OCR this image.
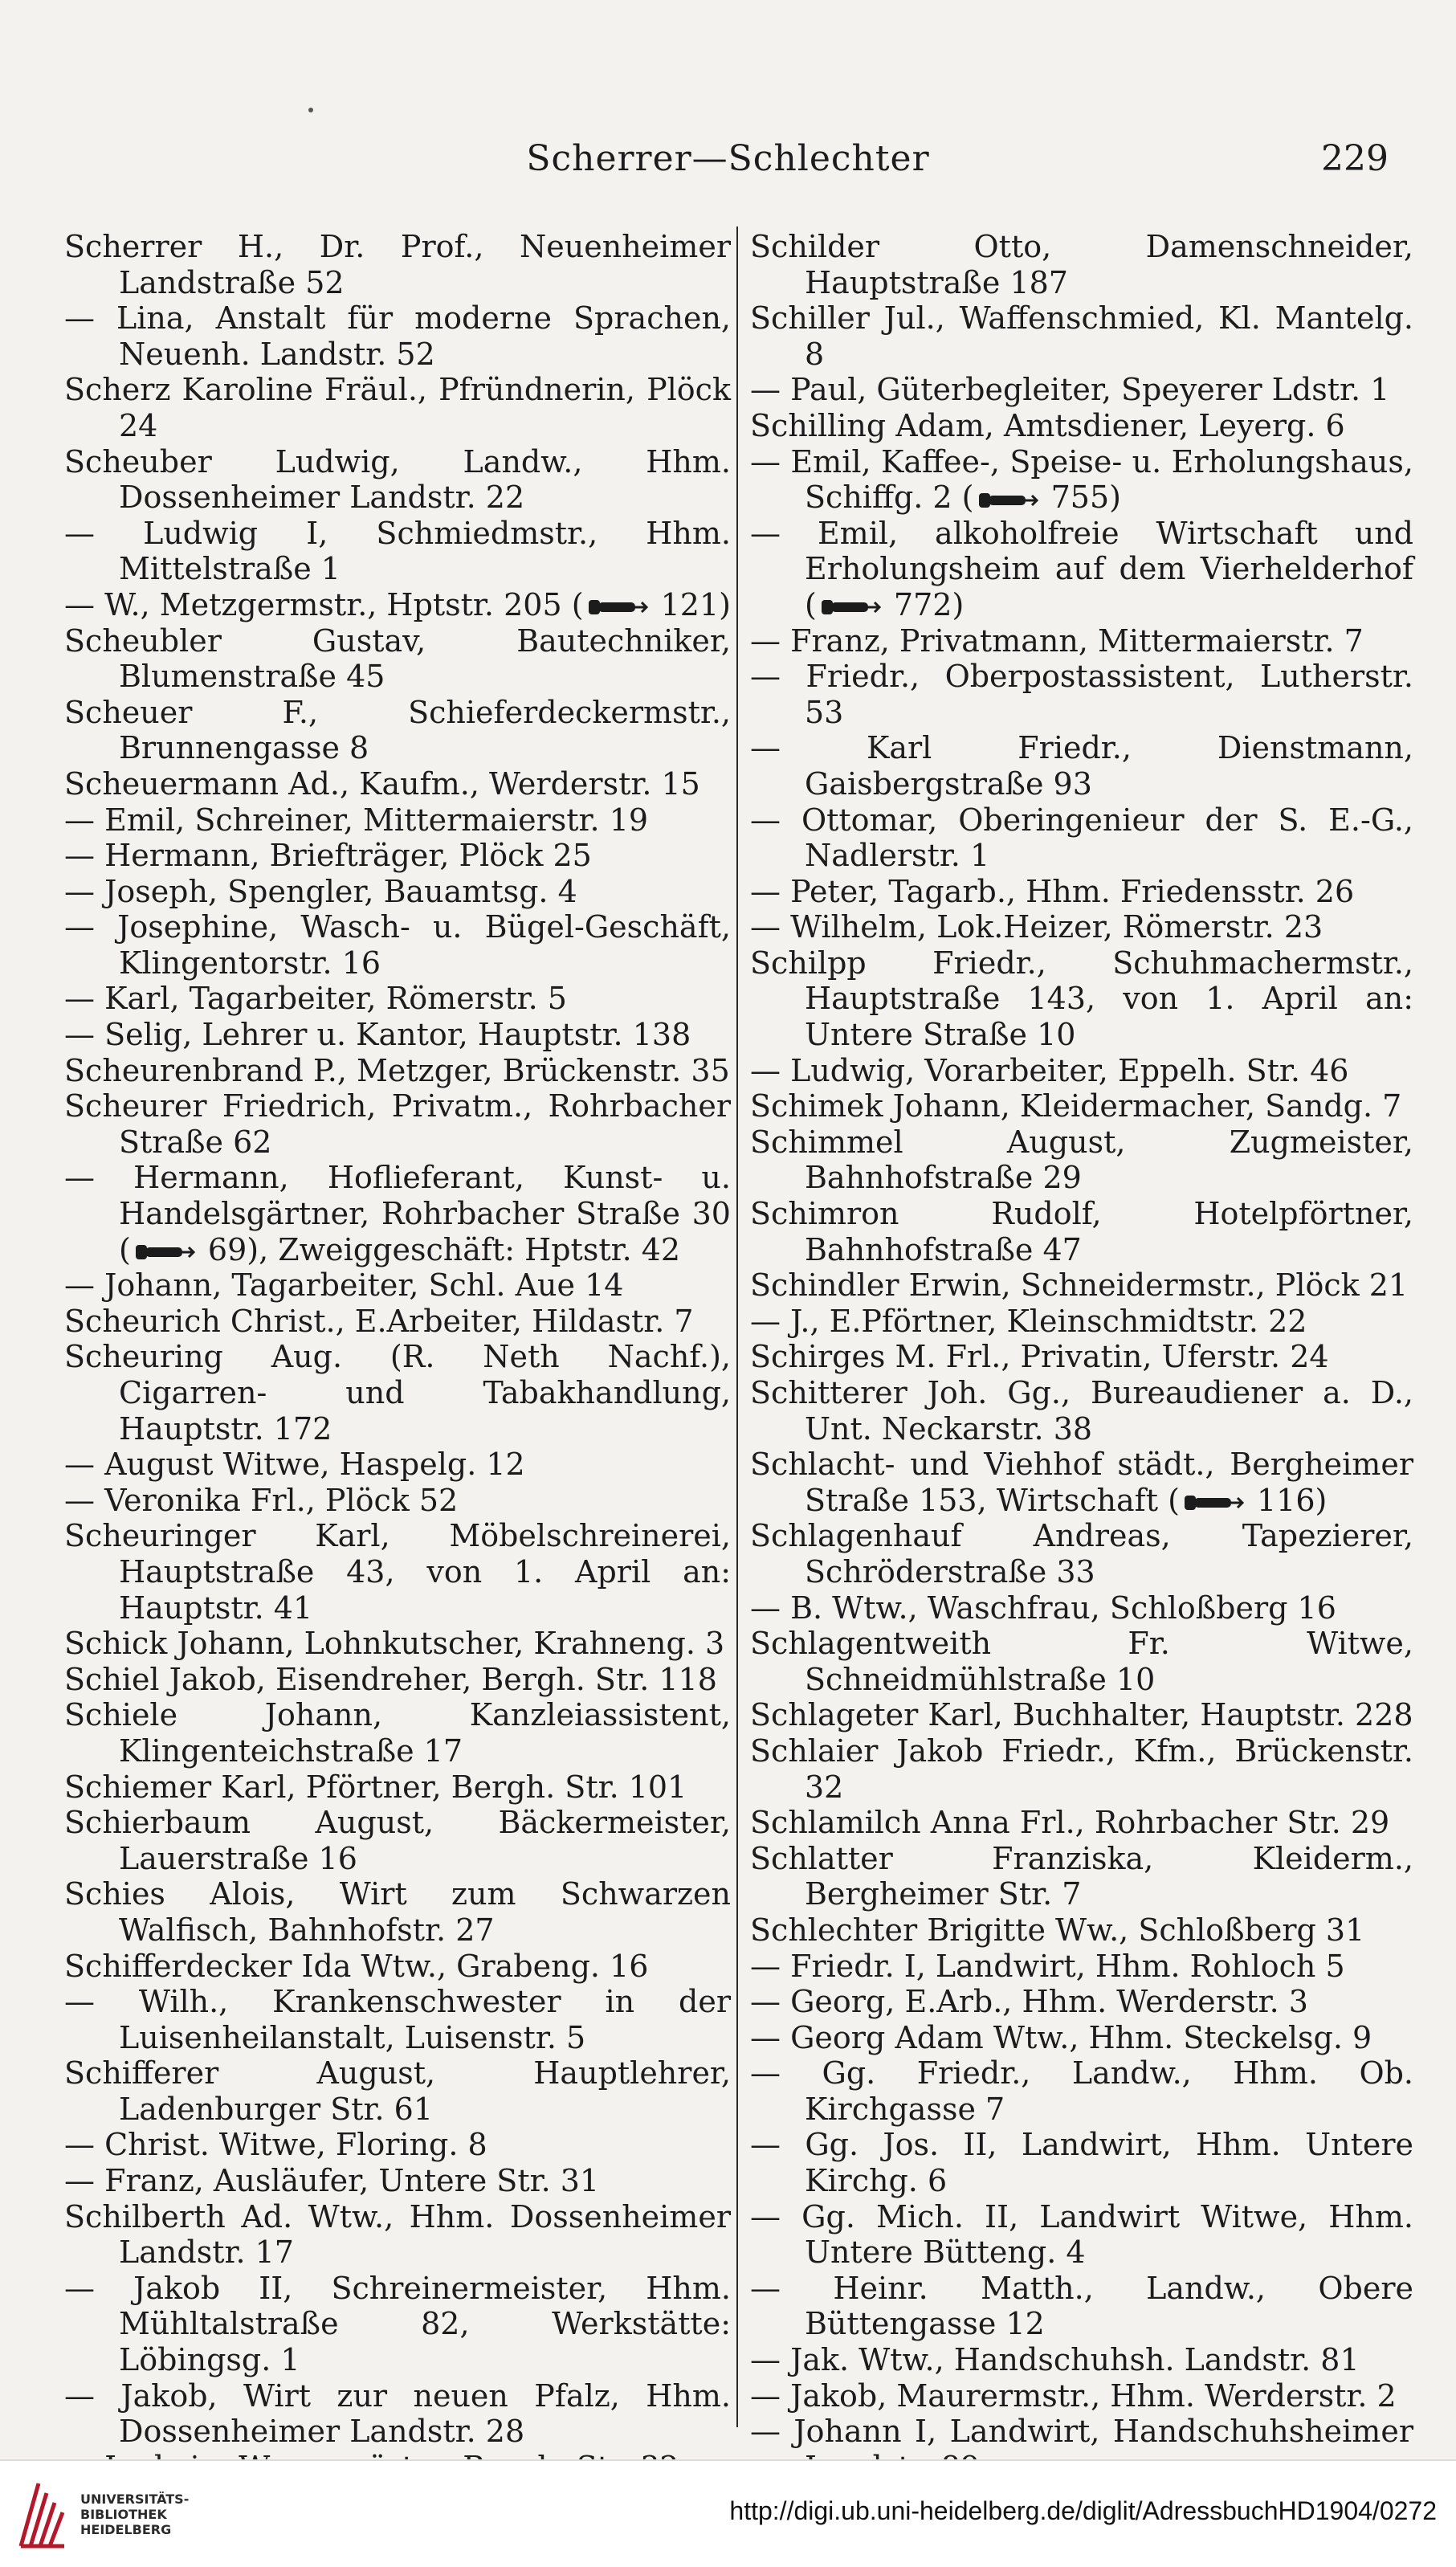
Scherrer—Schlechter	229
Scherrer H., Dr. Prof., Neuenheimer Landstraße 52
— Lina, Anstalt für moderne Sprachen, Neuenh. Landstr. 52
Scherz Karoline Fräul., Pfründnerin, Plöck 24
Scheuber Ludwig, Landw., Hhm. Dossenheimer Landstr. 22
— Ludwig I, Schmiedmstr., Hhm. Mittelstraße 1
— W., Metzgermstr., Hptstr. 205 (
121)
Scheubler Gustav, Bautechniker, Blumenstraße 45
Scheuer F., Schieferdeckermstr., Brunnengasse 8
Scheuermann Ad., Kaufm., Werderstr. 15
— Emil, Schreiner, Mittermaierstr. 19
— Hermann, Briefträger, Plöck 25
— Joseph, Spengler, Bauamtsg. 4
— Josephine, Wasch- u. Bügel-Geschäft, Klingentorstr. 16
— Karl, Tagarbeiter, Römerstr. 5
— Selig, Lehrer u. Kantor, Hauptstr. 138
Scheurenbrand P., Metzger, Brückenstr. 35
Scheurer Friedrich, Privatm., Rohrbacher Straße 62
— Hermann, Hoflieferant, Kunst- u. Handelsgärtner, Rohrbacher Straße 30 (
69), Zweiggeschäft: Hptstr. 42
— Johann, Tagarbeiter, Schl. Aue 14
Scheurich Christ., E.Arbeiter, Hildastr. 7
Scheuring Aug. (R. Neth Nachf.), Cigarren- und Tabakhandlung, Hauptstr. 172
— August Witwe, Haspelg. 12
— Veronika Frl., Plöck 52
Scheuringer Karl, Möbelschreinerei, Hauptstraße 43, von 1. April an: Hauptstr. 41
Schick Johann, Lohnkutscher, Krahneng. 3
Schiel Jakob, Eisendreher, Bergh. Str. 118
Schiele Johann, Kanzleiassistent, Klingenteichstraße 17
Schiemer Karl, Pförtner, Bergh. Str. 101
Schierbaum August, Bäckermeister, Lauerstraße 16
Schies Alois, Wirt zum Schwarzen Walfisch, Bahnhofstr. 27
Schifferdecker Ida Wtw., Grabeng. 16
— Wilh., Krankenschwester in der Luisenheilanstalt, Luisenstr. 5
Schifferer August, Hauptlehrer, Ladenburger Str. 61
— Christ. Witwe, Floring. 8
— Franz, Ausläufer, Untere Str. 31
Schilberth Ad. Wtw., Hhm. Dossenheimer Landstr. 17
— Jakob II, Schreinermeister, Hhm. Mühltalstraße 82, Werkstätte: Löbingsg. 1
— Jakob, Wirt zur neuen Pfalz, Hhm. Dossenheimer Landstr. 28
Schilder Otto, Damenschneider, Hauptstraße 187
Schiller Jul., Waffenschmied, Kl. Mantelg. 8
— Paul, Güterbegleiter, Speyerer Ldstr. 1
Schilling Adam, Amtsdiener, Leyerg. 6
— Emil, Kaffee-, Speise- u. Erholungshaus, Schiffg. 2 (
755)
— Emil, alkoholfreie Wirtschaft und Erholungsheim auf dem Vierhelderhof (
772)
— Franz, Privatmann, Mittermaierstr. 7
— Friedr., Oberpostassistent, Lutherstr. 53
— Karl Friedr., Dienstmann, Gaisbergstraße 93
— Ottomar, Oberingenieur der S. E.-G., Nadlerstr. 1
— Peter, Tagarb., Hhm. Friedensstr. 26
— Wilhelm, Lok.Heizer, Römerstr. 23
Schilpp Friedr., Schuhmachermstr., Hauptstraße 143, von 1. April an: Untere Straße 10
— Ludwig, Vorarbeiter, Eppelh. Str. 46
Schimek Johann, Kleidermacher, Sandg. 7
Schimmel August, Zugmeister, Bahnhofstraße 29
Schimron Rudolf, Hotelpförtner, Bahnhofstraße 47
Schindler Erwin, Schneidermstr., Plöck 21
— J., E.Pförtner, Kleinschmidtstr. 22
Schirges M. Frl., Privatin, Uferstr. 24
Schitterer Joh. Gg., Bureaudiener a. D., Unt. Neckarstr. 38
Schlacht- und Viehhof städt., Bergheimer Straße 153, Wirtschaft (
116)
Schlagenhauf Andreas, Tapezierer, Schröderstraße 33
— B. Wtw., Waschfrau, Schloßberg 16
Schlagentweith Fr. Witwe, Schneidmühlstraße 10
Schlageter Karl, Buchhalter, Hauptstr. 228
Schlaier Jakob Friedr., Kfm., Brückenstr. 32
Schlamilch Anna Frl., Rohrbacher Str. 29
Schlatter Franziska, Kleiderm., Bergheimer Str. 7
Schlechter Brigitte Ww., Schloßberg 31
— Friedr. I, Landwirt, Hhm. Rohloch 5
— Georg, E.Arb., Hhm. Werderstr. 3
— Georg Adam Wtw., Hhm. Steckelsg. 9
— Gg. Friedr., Landw., Hhm. Ob. Kirchgasse 7
— Gg. Jos. II, Landwirt, Hhm. Untere Kirchg. 6
— Gg. Mich. II, Landwirt Witwe, Hhm. Untere Bütteng. 4
— Heinr. Matth., Landw., Obere Büttengasse 12
— Jak. Wtw., Handschuhsh. Landstr. 81
— Jakob, Maurermstr., Hhm. Werderstr. 2
— Johann I, Landwirt, Handschuhsheimer
UNIVERSITÄTS-
BIBLIOTHEK
HEIDELBERG
http://digi.ub.uni-heidelberg.de/diglit/AdressbuchHD1904/0272
